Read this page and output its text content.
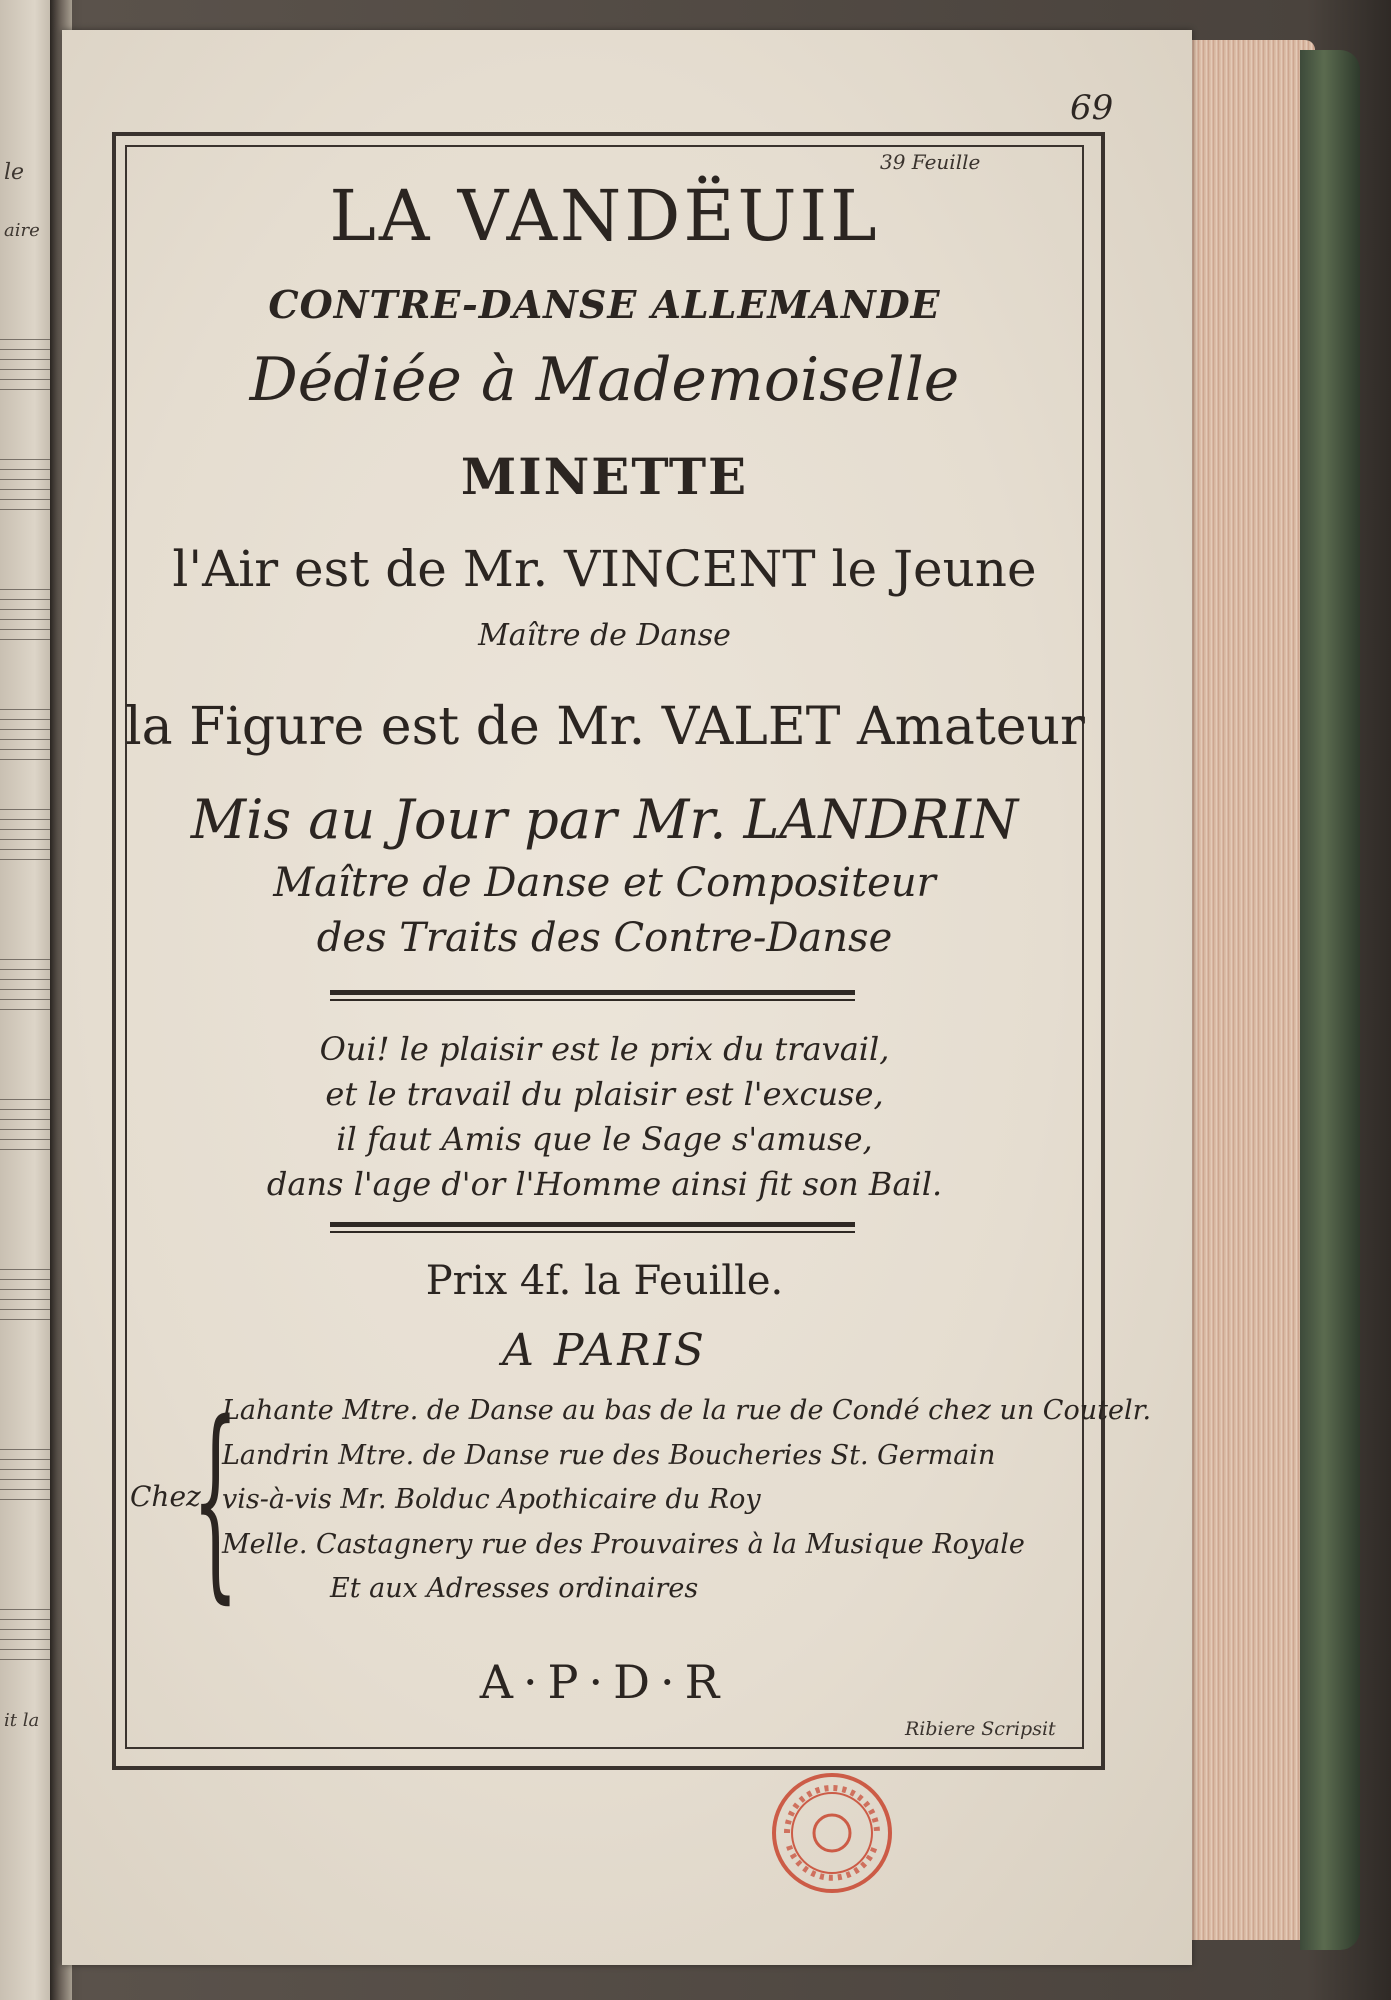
le
aire
it la
69
39 Feuille
LA VANDËUIL
CONTRE-DANSE ALLEMANDE
Dédiée à Mademoiselle
MINETTE
l'Air est de Mr. VINCENT le Jeune
Maître de Danse
la Figure est de Mr. VALET Amateur
Mis au Jour par Mr. LANDRIN
Maître de Danse et Compositeur
des Traits des Contre-Danse
Oui! le plaisir est le prix du travail,
et le travail du plaisir est l'excuse,
il faut Amis que le Sage s'amuse,
dans l'age d'or l'Homme ainsi fit son Bail.
Prix 4f. la Feuille.
A PARIS
Chez
{
Lahante Mtre. de Danse au bas de la rue de Condé chez un Coutelr.
Landrin Mtre. de Danse rue des Boucheries St. Germain
vis-à-vis Mr. Bolduc Apothicaire du Roy
Melle. Castagnery rue des Prouvaires à la Musique Royale
Et aux Adresses ordinaires
A·P·D·R
Ribiere Scripsit
